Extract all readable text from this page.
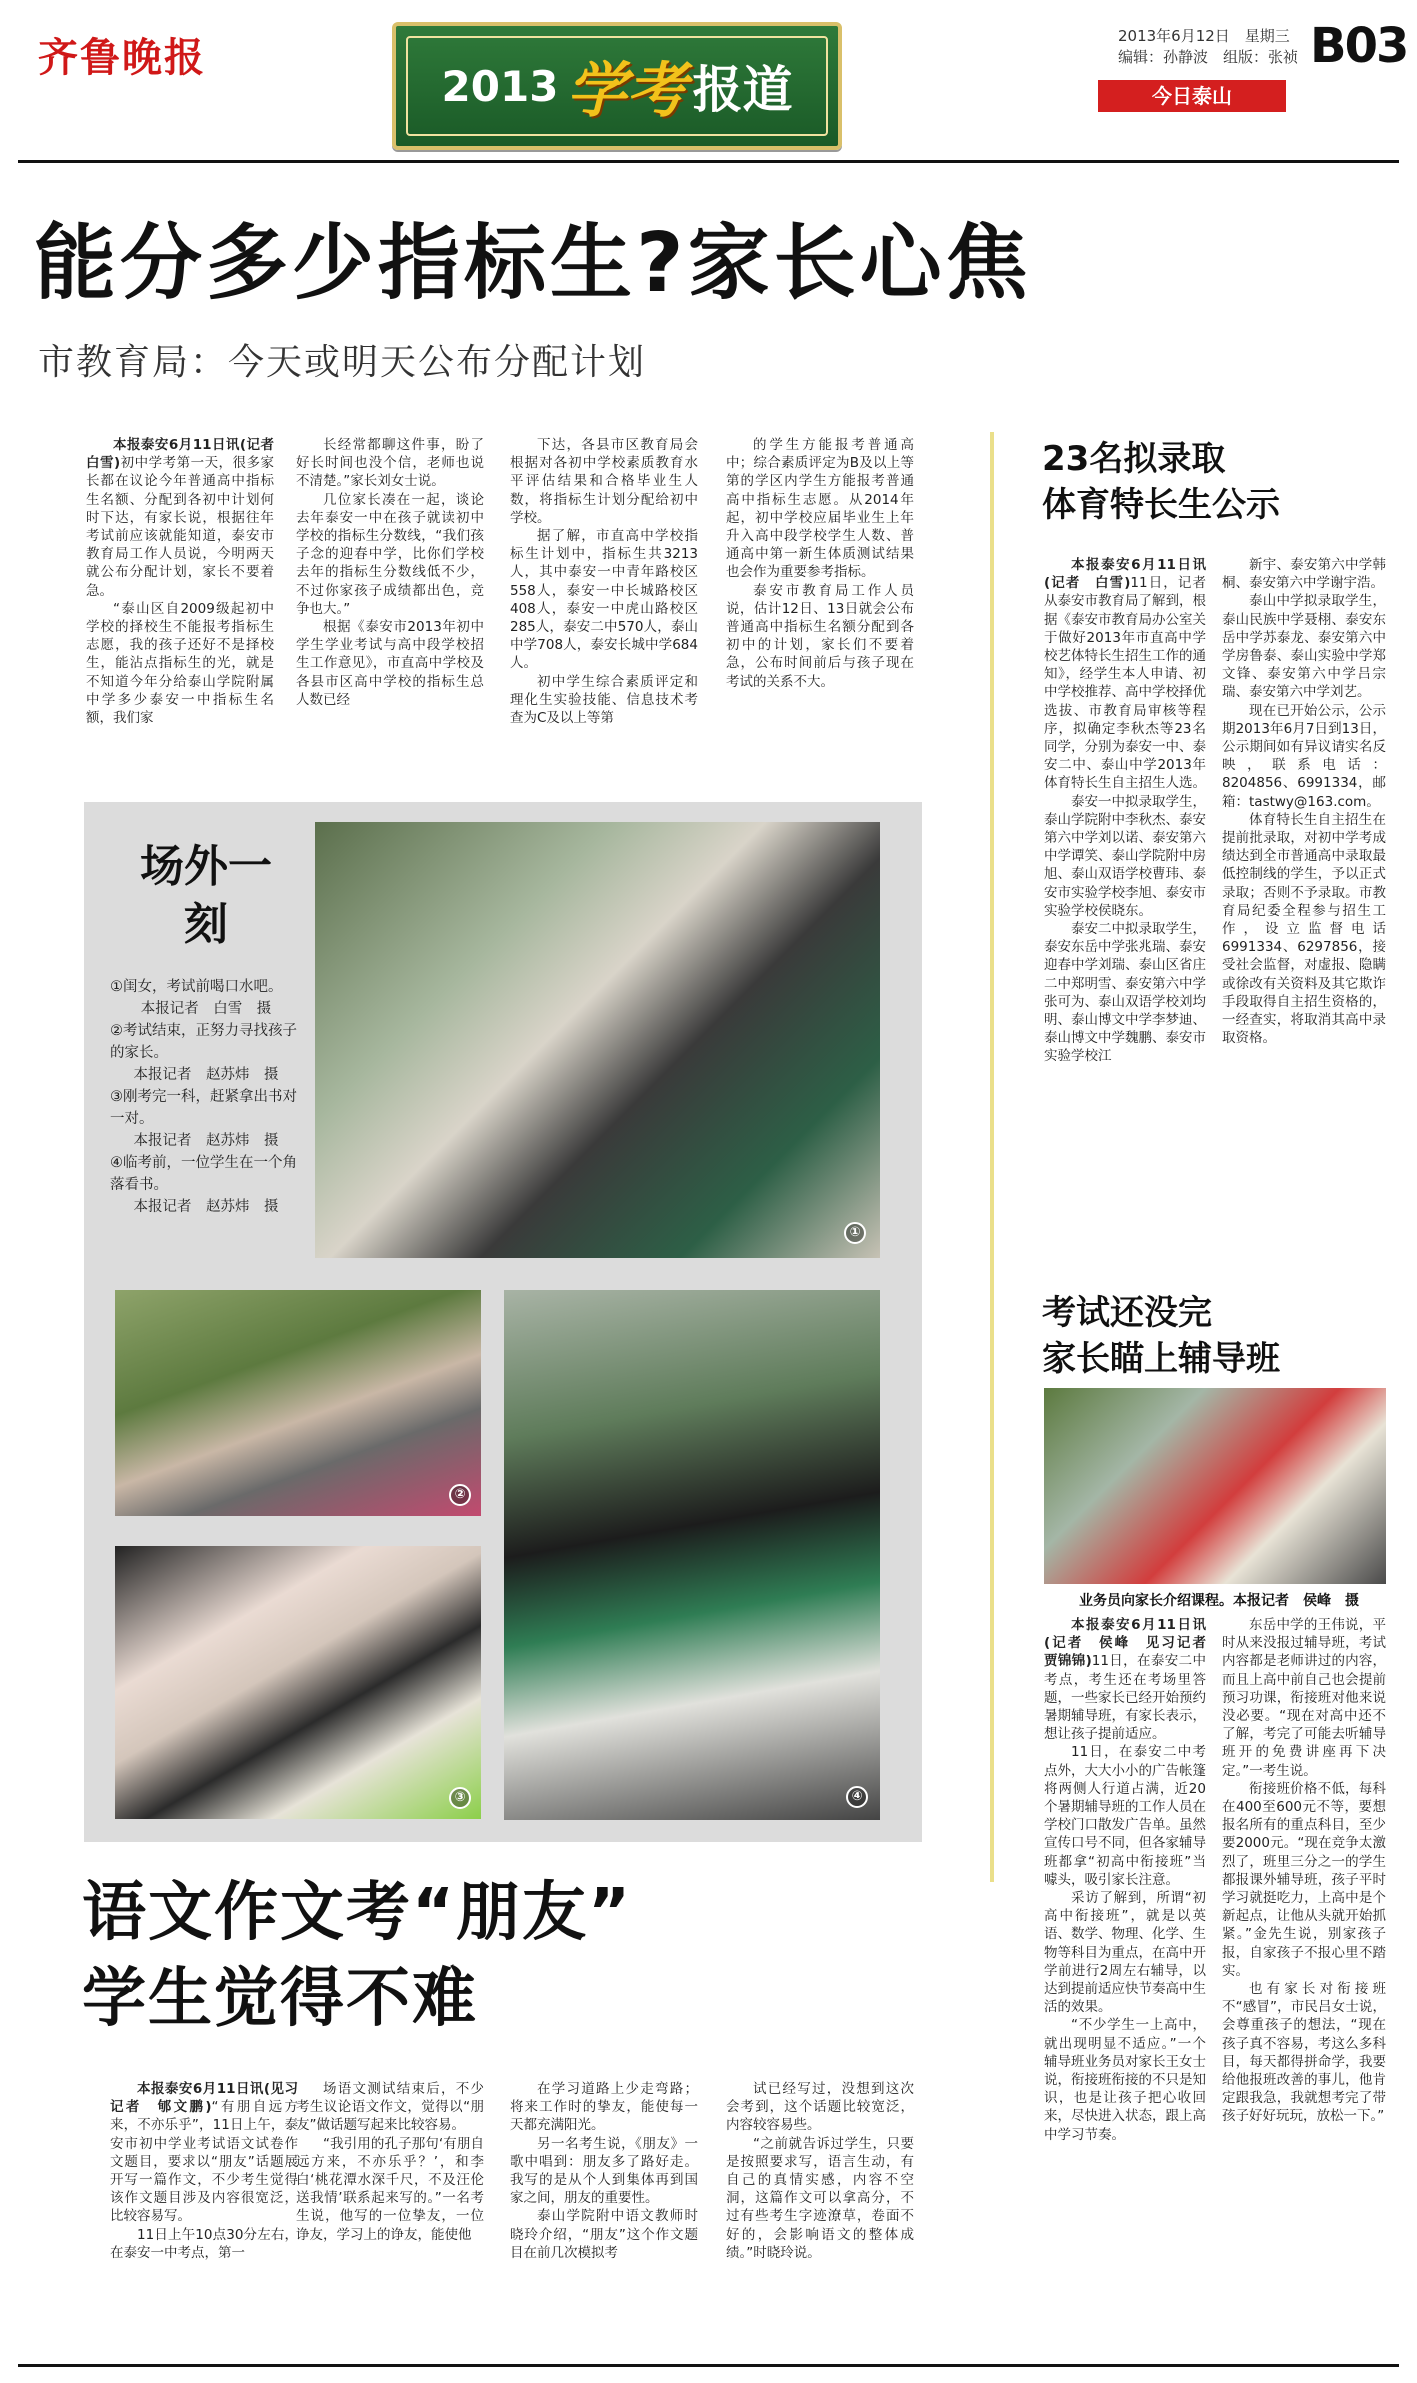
齐鲁晚报
2013 学考 报道
2013年6月12日　星期三
编辑：孙静波　组版：张祯 B03
今日泰山
能分多少指标生?家长心焦
市教育局：今天或明天公布分配计划

本报泰安6月11日讯(记者　白雪)初中学考第一天，很多家长都在议论今年普通高中指标生名额、分配到各初中计划何时下达，有家长说，根据往年考试前应该就能知道，泰安市教育局工作人员说，今明两天就公布分配计划，家长不要着急。

“泰山区自2009级起初中学校的择校生不能报考指标生志愿，我的孩子还好不是择校生，能沾点指标生的光，就是不知道今年分给泰山学院附属中学多少泰安一中指标生名额，我们家

长经常都聊这件事，盼了好长时间也没个信，老师也说不清楚。”家长刘女士说。

几位家长凑在一起，谈论去年泰安一中在孩子就读初中学校的指标生分数线，“我们孩子念的迎春中学，比你们学校去年的指标生分数线低不少，不过你家孩子成绩都出色，竞争也大。”

根据《泰安市2013年初中学生学业考试与高中段学校招生工作意见》，市直高中学校及各县市区高中学校的指标生总人数已经

下达，各县市区教育局会根据对各初中学校素质教育水平评估结果和合格毕业生人数，将指标生计划分配给初中学校。

据了解，市直高中学校指标生计划中，指标生共3213人，其中泰安一中青年路校区558人，泰安一中长城路校区408人，泰安一中虎山路校区285人，泰安二中570人，泰山中学708人，泰安长城中学684人。

初中学生综合素质评定和理化生实验技能、信息技术考查为C及以上等第

的学生方能报考普通高中；综合素质评定为B及以上等第的学区内学生方能报考普通高中指标生志愿。从2014年起，初中学校应届毕业生上年升入高中段学校学生人数、普通高中第一新生体质测试结果也会作为重要参考指标。

泰安市教育局工作人员说，估计12日、13日就会公布普通高中指标生名额分配到各初中的计划，家长们不要着急，公布时间前后与孩子现在考试的关系不大。

场外一刻
①闺女，考试前喝口水吧。
本报记者　白雪　摄
②考试结束，正努力寻找孩子的家长。
本报记者　赵苏炜　摄
③刚考完一科，赶紧拿出书对一对。
本报记者　赵苏炜　摄
④临考前，一位学生在一个角落看书。
本报记者　赵苏炜　摄
①
②
③	④
语文作文考“朋友”
学生觉得不难

本报泰安6月11日讯(见习记者　郇文鹏)“有朋自远方来，不亦乐乎”，11日上午，泰安市初中学业考试语文试卷作文题目，要求以“朋友”话题展开写一篇作文，不少考生觉得该作文题目涉及内容很宽泛，比较容易写。

11日上午10点30分左右，在泰安一中考点，第一

场语文测试结束后，不少考生议论语文作文，觉得以“朋友”做话题写起来比较容易。

“我引用的孔子那句‘有朋自远方来，不亦乐乎？’，和李白‘桃花潭水深千尺，不及汪伦送我情’联系起来写的。”一名考生说，他写的一位挚友，一位诤友，学习上的诤友，能使他

在学习道路上少走弯路；将来工作时的挚友，能使每一天都充满阳光。

另一名考生说，《朋友》一歌中唱到：朋友多了路好走。我写的是从个人到集体再到国家之间，朋友的重要性。

泰山学院附中语文教师时晓玲介绍，“朋友”这个作文题目在前几次模拟考

试已经写过，没想到这次会考到，这个话题比较宽泛，内容较容易些。

“之前就告诉过学生，只要是按照要求写，语言生动，有自己的真情实感，内容不空洞，这篇作文可以拿高分，不过有些考生字迹潦草，卷面不好的，会影响语文的整体成绩。”时晓玲说。

23名拟录取
体育特长生公示

本报泰安6月11日讯(记者　白雪)11日，记者从泰安市教育局了解到，根据《泰安市教育局办公室关于做好2013年市直高中学校艺体特长生招生工作的通知》，经学生本人申请、初中学校推荐、高中学校择优选拔、市教育局审核等程序，拟确定李秋杰等23名同学，分别为泰安一中、泰安二中、泰山中学2013年体育特长生自主招生人选。

泰安一中拟录取学生，泰山学院附中李秋杰、泰安第六中学刘以诺、泰安第六中学谭笑、泰山学院附中房旭、泰山双语学校曹玮、泰安市实验学校李旭、泰安市实验学校侯晓东。

泰安二中拟录取学生，泰安东岳中学张兆瑞、泰安迎春中学刘瑞、泰山区省庄二中郑明雪、泰安第六中学张可为、泰山双语学校刘均明、泰山博文中学李梦迪、泰山博文中学魏鹏、泰安市实验学校江

新宇、泰安第六中学韩桐、泰安第六中学谢宇浩。

泰山中学拟录取学生，泰山民族中学聂栩、泰安东岳中学苏泰龙、泰安第六中学房鲁泰、泰山实验中学郑文锋、泰安第六中学吕宗瑞、泰安第六中学刘艺。

现在已开始公示，公示期2013年6月7日到13日，公示期间如有异议请实名反映，联系电话：8204856、6991334，邮箱：tastwy@163.com。

体育特长生自主招生在提前批录取，对初中学考成绩达到全市普通高中录取最低控制线的学生，予以正式录取；否则不予录取。市教育局纪委全程参与招生工作，设立监督电话6991334、6297856，接受社会监督，对虚报、隐瞒或徐改有关资料及其它欺诈手段取得自主招生资格的，一经查实，将取消其高中录取资格。

考试还没完
家长瞄上辅导班
业务员向家长介绍课程。本报记者　侯峰　摄

本报泰安6月11日讯(记者　侯峰　见习记者　贾锦锦)11日，在泰安二中考点，考生还在考场里答题，一些家长已经开始预约暑期辅导班，有家长表示，想让孩子提前适应。

11日，在泰安二中考点外，大大小小的广告帐篷将两侧人行道占满，近20个暑期辅导班的工作人员在学校门口散发广告单。虽然宣传口号不同，但各家辅导班都拿“初高中衔接班”当噱头，吸引家长注意。

采访了解到，所谓“初高中衔接班”，就是以英语、数学、物理、化学、生物等科目为重点，在高中开学前进行2周左右辅导，以达到提前适应快节奏高中生活的效果。

“不少学生一上高中，就出现明显不适应。”一个辅导班业务员对家长王女士说，衔接班衔接的不只是知识，也是让孩子把心收回来，尽快进入状态，跟上高中学习节奏。

东岳中学的王伟说，平时从来没报过辅导班，考试内容都是老师讲过的内容，而且上高中前自己也会提前预习功课，衔接班对他来说没必要。“现在对高中还不了解，考完了可能去听辅导班开的免费讲座再下决定。”一考生说。

衔接班价格不低，每科在400至600元不等，要想报名所有的重点科目，至少要2000元。“现在竞争太激烈了，班里三分之一的学生都报课外辅导班，孩子平时学习就挺吃力，上高中是个新起点，让他从头就开始抓紧。”金先生说，别家孩子报，自家孩子不报心里不踏实。

也有家长对衔接班不“感冒”，市民吕女士说，会尊重孩子的想法，“现在孩子真不容易，考这么多科目，每天都得拼命学，我要给他报班改善的事儿，他肯定跟我急，我就想考完了带孩子好好玩玩，放松一下。”
